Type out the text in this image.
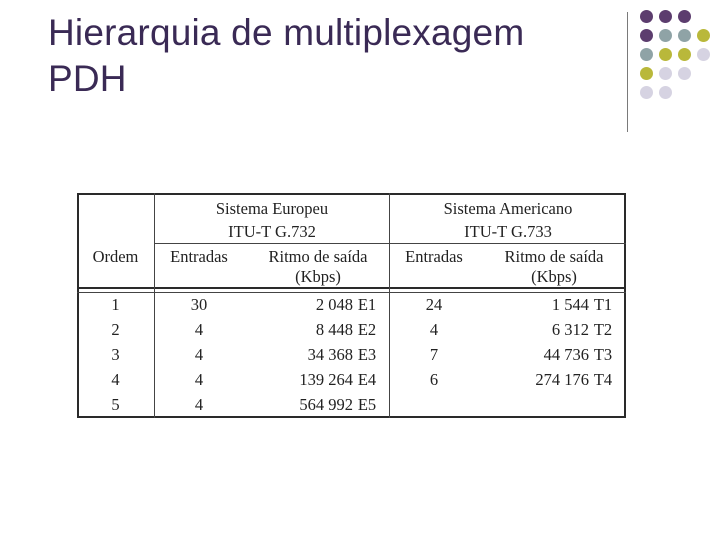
Hierarquia de multiplexagem
PDH
Sistema Europeu
ITU-T G.732
Sistema Americano
ITU-T G.733
Ordem	Entradas	Ritmo de saída
(Kbps)
Entradas	Ritmo de saída
(Kbps)
1	30	2 048 E1	24	1 544 T1
2	4	8 448 E2	4	6 312 T2
3	4	34 368 E3	7	44 736 T3
4	4	139 264 E4	6	274 176 T4
5	4	564 992 E5
